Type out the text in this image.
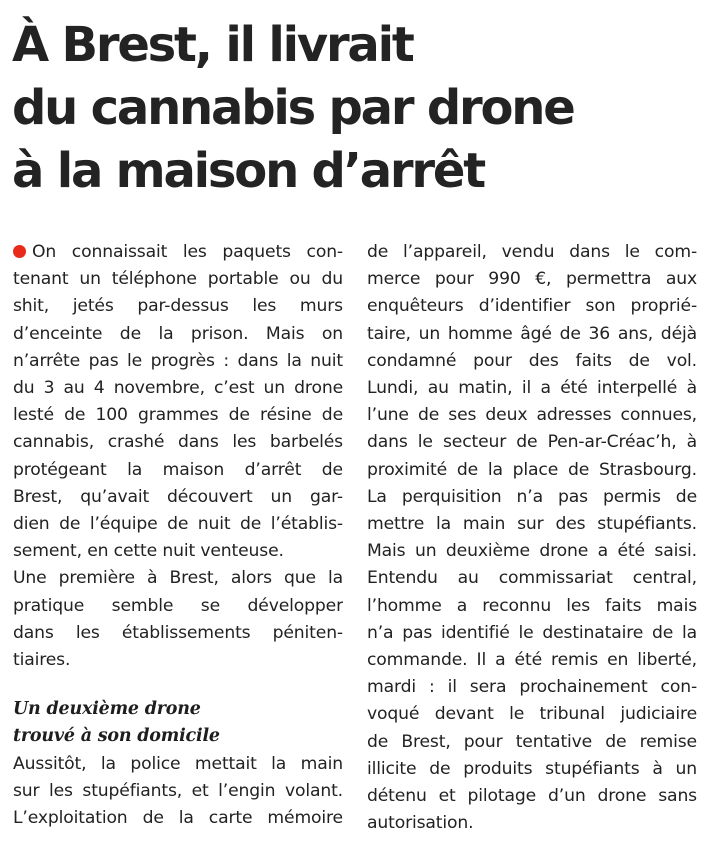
À Brest, il livrait
du cannabis par drone
à la maison d’arrêt
On connaissait les paquets con-
tenant un téléphone portable ou du
shit, jetés par-dessus les murs
d’enceinte de la prison. Mais on
n’arrête pas le progrès : dans la nuit
du 3 au 4 novembre, c’est un drone
lesté de 100 grammes de résine de
cannabis, crashé dans les barbelés
protégeant la maison d’arrêt de
Brest, qu’avait découvert un gar-
dien de l’équipe de nuit de l’établis-
sement, en cette nuit venteuse.
Une première à Brest, alors que la
pratique semble se développer
dans les établissements péniten-
tiaires.
Un deuxième drone
trouvé à son domicile
Aussitôt, la police mettait la main
sur les stupéfiants, et l’engin volant.
L’exploitation de la carte mémoire
de l’appareil, vendu dans le com-
merce pour 990 €, permettra aux
enquêteurs d’identifier son proprié-
taire, un homme âgé de 36 ans, déjà
condamné pour des faits de vol.
Lundi, au matin, il a été interpellé à
l’une de ses deux adresses connues,
dans le secteur de Pen-ar-Créac’h, à
proximité de la place de Strasbourg.
La perquisition n’a pas permis de
mettre la main sur des stupéfiants.
Mais un deuxième drone a été saisi.
Entendu au commissariat central,
l’homme a reconnu les faits mais
n’a pas identifié le destinataire de la
commande. Il a été remis en liberté,
mardi : il sera prochainement con-
voqué devant le tribunal judiciaire
de Brest, pour tentative de remise
illicite de produits stupéfiants à un
détenu et pilotage d’un drone sans
autorisation.
